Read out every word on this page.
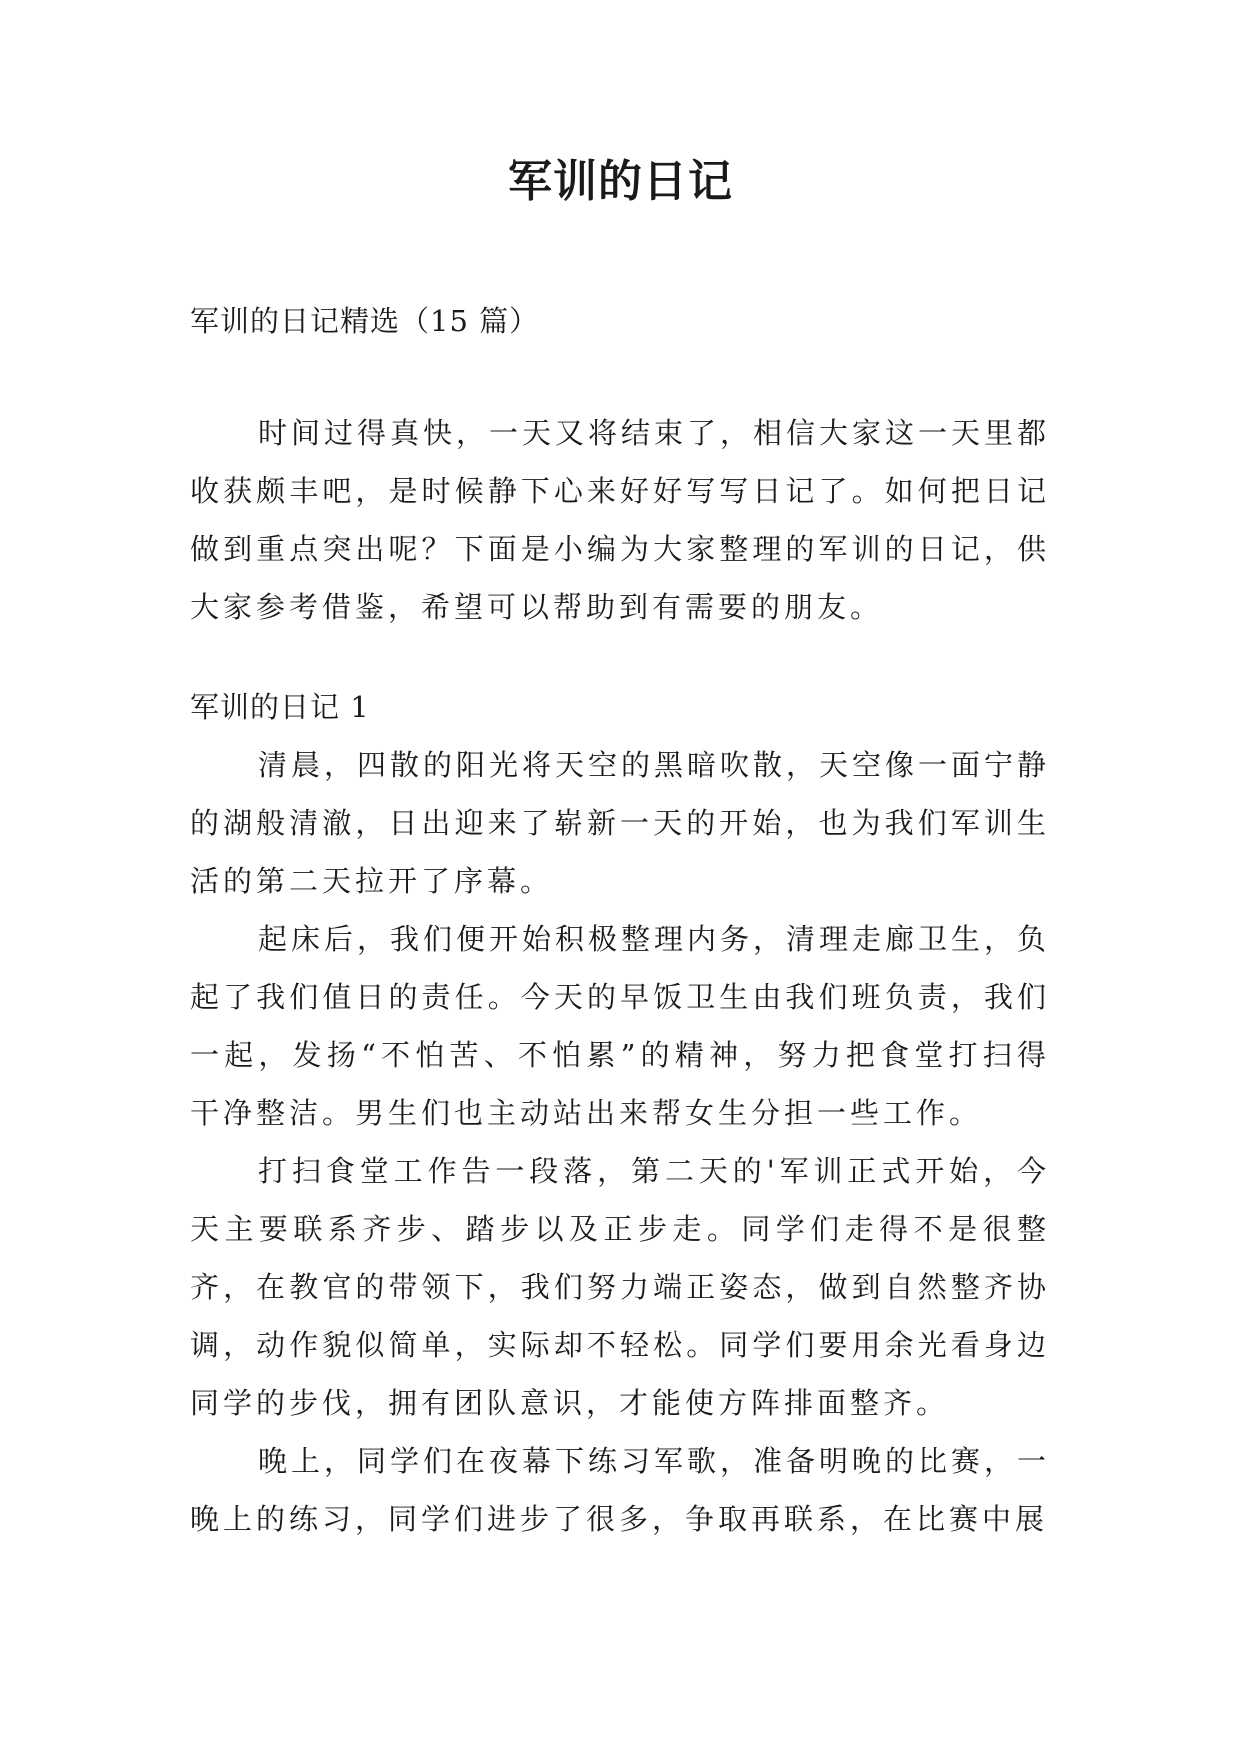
军训的日记

军训的日记精选（15 篇）

时间过得真快，一天又将结束了，相信大家这一天里都收获颇丰吧，是时候静下心来好好写写日记了。如何把日记做到重点突出呢？下面是小编为大家整理的军训的日记，供大家参考借鉴，希望可以帮助到有需要的朋友。

军训的日记 1

清晨，四散的阳光将天空的黑暗吹散，天空像一面宁静的湖般清澈，日出迎来了崭新一天的开始，也为我们军训生活的第二天拉开了序幕。

起床后，我们便开始积极整理内务，清理走廊卫生，负起了我们值日的责任。今天的早饭卫生由我们班负责，我们一起，发扬“不怕苦、不怕累”的精神，努力把食堂打扫得干净整洁。男生们也主动站出来帮女生分担一些工作。

打扫食堂工作告一段落，第二天的'军训正式开始，今天主要联系齐步、踏步以及正步走。同学们走得不是很整齐，在教官的带领下，我们努力端正姿态，做到自然整齐协调，动作貌似简单，实际却不轻松。同学们要用余光看身边同学的步伐，拥有团队意识，才能使方阵排面整齐。

晚上，同学们在夜幕下练习军歌，准备明晚的比赛，一晚上的练习，同学们进步了很多，争取再联系，在比赛中展
